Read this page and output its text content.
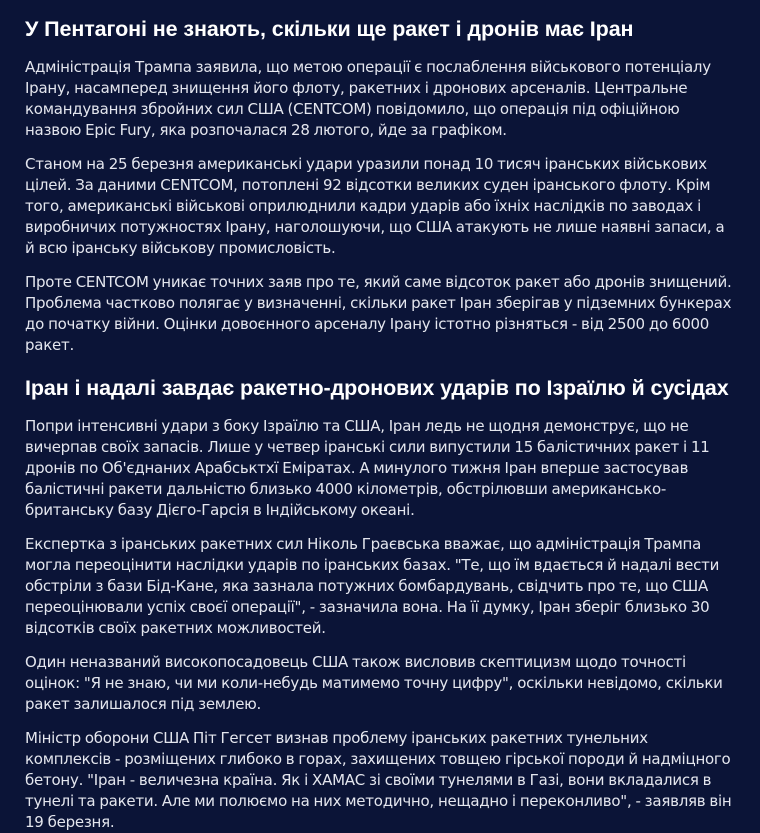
У Пентагоні не знають, скільки ще ракет і дронів має Іран

Адміністрація Трампа заявила, що метою операції є послаблення військового потенціалу Ірану, насамперед знищення його флоту, ракетних і дронових арсеналів. Центральне командування збройних сил США (CENTCOM) повідомило, що операція під офіційною назвою Epic Fury, яка розпочалася 28 лютого, йде за графіком.

Станом на 25 березня американські удари уразили понад 10 тисяч іранських військових цілей. За даними CENTCOM, потоплені 92 відсотки великих суден іранського флоту. Крім того, американські військові оприлюднили кадри ударів або їхніх наслідків по заводах і виробничих потужностях Ірану, наголошуючи, що США атакують не лише наявні запаси, а й всю іранську військову промисловість.

Проте CENTCOM уникає точних заяв про те, який саме відсоток ракет або дронів знищений. Проблема частково полягає у визначенні, скільки ракет Іран зберігав у підземних бункерах до початку війни. Оцінки довоєнного арсеналу Ірану істотно різняться - від 2500 до 6000 ракет.

Іран і надалі завдає ракетно-дронових ударів по Ізраїлю й сусідах

Попри інтенсивні удари з боку Ізраїлю та США, Іран ледь не щодня демонструє, що не вичерпав своїх запасів. Лише у четвер іранські сили випустили 15 балістичних ракет і 11 дронів по Об'єднаних Арабськтхї Еміратах. А минулого тижня Іран вперше застосував балістичні ракети дальністю близько 4000 кілометрів, обстрілювши американсько-британську базу Дієго-Гарсія в Індійському океані.

Експертка з іранських ракетних сил Ніколь Граєвська вважає, що адміністрація Трампа могла переоцінити наслідки ударів по іранських базах. "Те, що їм вдається й надалі вести обстріли з бази Бід-Кане, яка зазнала потужних бомбардувань, свідчить про те, що США переоцінювали успіх своєї операції", - зазначила вона. На її думку, Іран зберіг близько 30 відсотків своїх ракетних можливостей.

Один неназваний високопосадовець США також висловив скептицизм щодо точності оцінок: "Я не знаю, чи ми коли-небудь матимемо точну цифру", оскільки невідомо, скільки ракет залишалося під землею.

Міністр оборони США Піт Гегсет визнав проблему іранських ракетних тунельних комплексів - розміщених глибоко в горах, захищених товщею гірської породи й надміцного бетону. "Іран - величезна країна. Як і ХАМАС зі своїми тунелями в Газі, вони вкладалися в тунелі та ракети. Але ми полюємо на них методично, нещадно і переконливо", - заявляв він 19 березня.
